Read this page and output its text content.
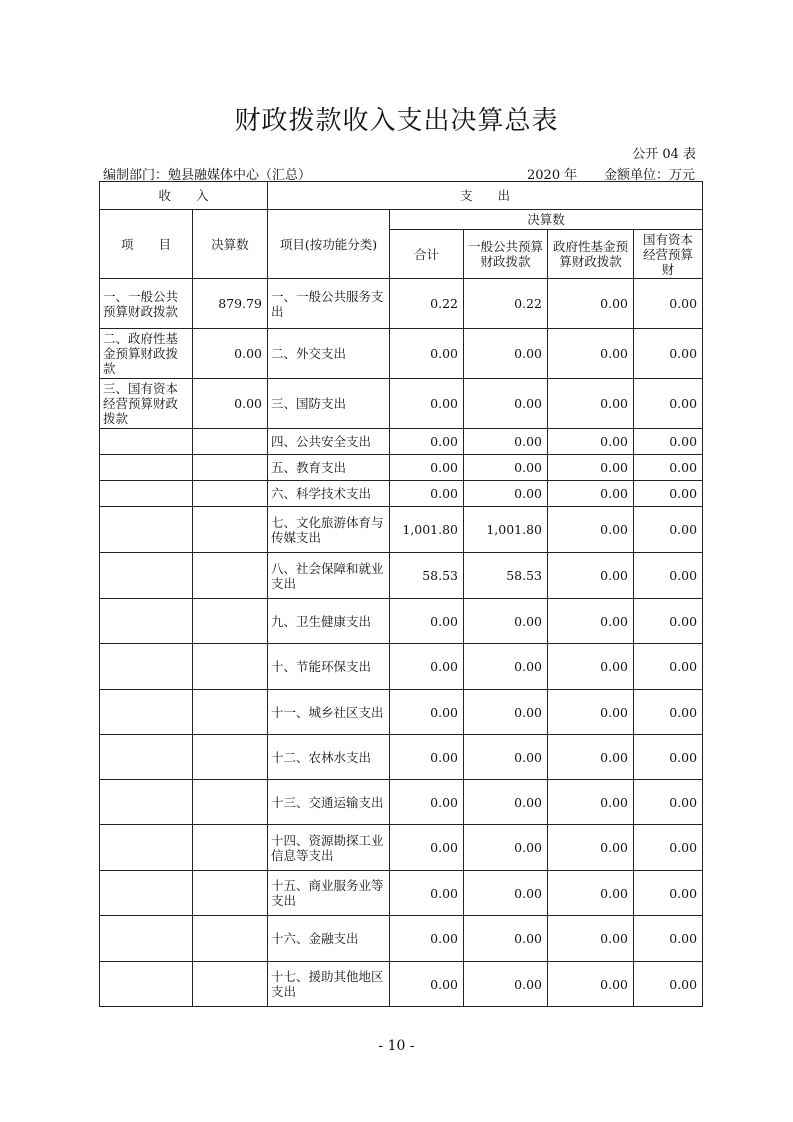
财政拨款收入支出决算总表
公开 04 表
编制部门：勉县融媒体中心（汇总）	2020 年 金额单位：万元
收　　入		支　　出				
项　　目	决算数	项目(按功能分类)	决算数			
			合计	一般公共预算财政拨款	政府性基金预算财政拨款	国有资本经营预算财
一、一般公共预算财政拨款	879.79	一、一般公共服务支出	0.22	0.22	0.00	0.00
二、政府性基金预算财政拨款	0.00	二、外交支出	0.00	0.00	0.00	0.00
三、国有资本经营预算财政拨款	0.00	三、国防支出	0.00	0.00	0.00	0.00
		四、公共安全支出	0.00	0.00	0.00	0.00
		五、教育支出	0.00	0.00	0.00	0.00
		六、科学技术支出	0.00	0.00	0.00	0.00
		七、文化旅游体育与传媒支出	1,001.80	1,001.80	0.00	0.00
		八、社会保障和就业支出	58.53	58.53	0.00	0.00
		九、卫生健康支出	0.00	0.00	0.00	0.00
		十、节能环保支出	0.00	0.00	0.00	0.00
		十一、城乡社区支出	0.00	0.00	0.00	0.00
		十二、农林水支出	0.00	0.00	0.00	0.00
		十三、交通运输支出	0.00	0.00	0.00	0.00
		十四、资源勘探工业信息等支出	0.00	0.00	0.00	0.00
		十五、商业服务业等支出	0.00	0.00	0.00	0.00
		十六、金融支出	0.00	0.00	0.00	0.00
		十七、援助其他地区支出	0.00	0.00	0.00	0.00
- 10 -
